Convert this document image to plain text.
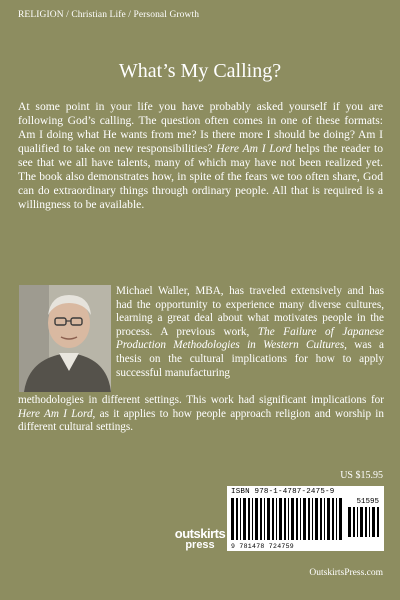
RELIGION / Christian Life / Personal Growth
What’s My Calling?

At some point in your life you have probably asked yourself if you are following God’s calling. The question often comes in one of these formats: Am I doing what He wants from me? Is there more I should be doing? Am I qualified to take on new responsibilities? Here Am I Lord helps the reader to see that we all have talents, many of which may have not been realized yet. The book also demonstrates how, in spite of the fears we too often share, God can do extraordinary things through ordinary people. All that is required is a willingness to be available.

Michael Waller, MBA, has traveled extensively and has had the opportunity to experience many diverse cultures, learning a great deal about what motivates people in the process. A previous work, The Failure of Japanese Production Methodologies in Western Cultures, was a thesis on the cultural implications for how to apply successful manufacturing

methodologies in different settings. This work had significant implications for Here Am I Lord, as it applies to how people approach religion and worship in different cultural settings.

US $15.95
ISBN 978-1-4787-2475-9
51595
9 781478 724759
outskirts
press
OutskirtsPress.com
